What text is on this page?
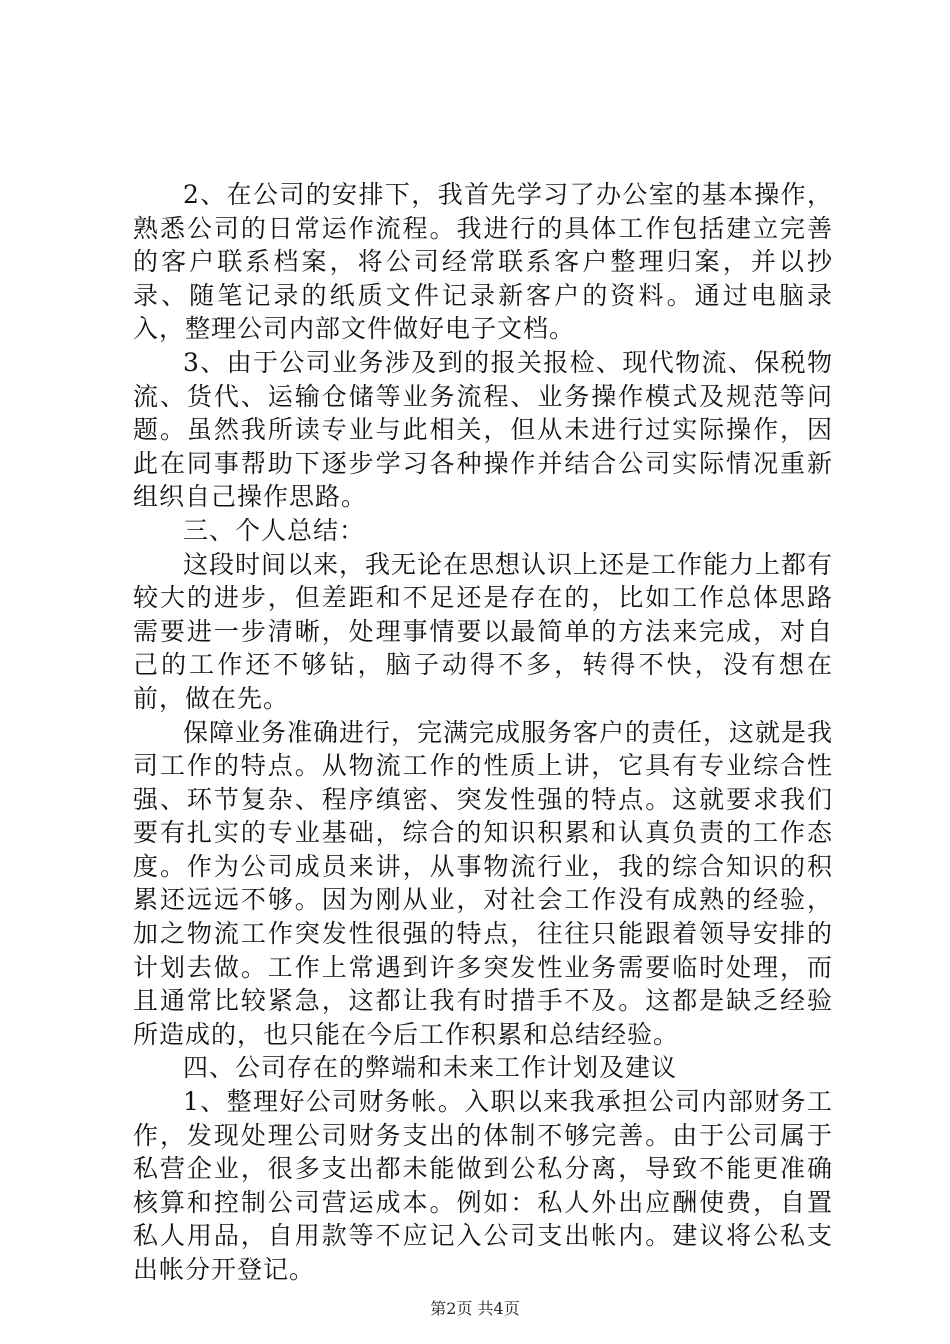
2、在公司的安排下，我首先学习了办公室的基本操作，熟悉公司的日常运作流程。我进行的具体工作包括建立完善的客户联系档案，将公司经常联系客户整理归案，并以抄录、随笔记录的纸质文件记录新客户的资料。通过电脑录入，整理公司内部文件做好电子文档。

3、由于公司业务涉及到的报关报检、现代物流、保税物流、货代、运输仓储等业务流程、业务操作模式及规范等问题。虽然我所读专业与此相关，但从未进行过实际操作，因此在同事帮助下逐步学习各种操作并结合公司实际情况重新组织自己操作思路。

三、个人总结：

这段时间以来，我无论在思想认识上还是工作能力上都有较大的进步，但差距和不足还是存在的，比如工作总体思路需要进一步清晰，处理事情要以最简单的方法来完成，对自己的工作还不够钻，脑子动得不多，转得不快，没有想在前，做在先。

保障业务准确进行，完满完成服务客户的责任，这就是我司工作的特点。从物流工作的性质上讲，它具有专业综合性强、环节复杂、程序缜密、突发性强的特点。这就要求我们要有扎实的专业基础，综合的知识积累和认真负责的工作态度。作为公司成员来讲，从事物流行业，我的综合知识的积累还远远不够。因为刚从业，对社会工作没有成熟的经验，加之物流工作突发性很强的特点，往往只能跟着领导安排的计划去做。工作上常遇到许多突发性业务需要临时处理，而且通常比较紧急，这都让我有时措手不及。这都是缺乏经验所造成的，也只能在今后工作积累和总结经验。

四、公司存在的弊端和未来工作计划及建议

1、整理好公司财务帐。入职以来我承担公司内部财务工作，发现处理公司财务支出的体制不够完善。由于公司属于私营企业，很多支出都未能做到公私分离，导致不能更准确核算和控制公司营运成本。例如：私人外出应酬使费，自置私人用品，自用款等不应记入公司支出帐内。建议将公私支出帐分开登记。

第2页 共4页
